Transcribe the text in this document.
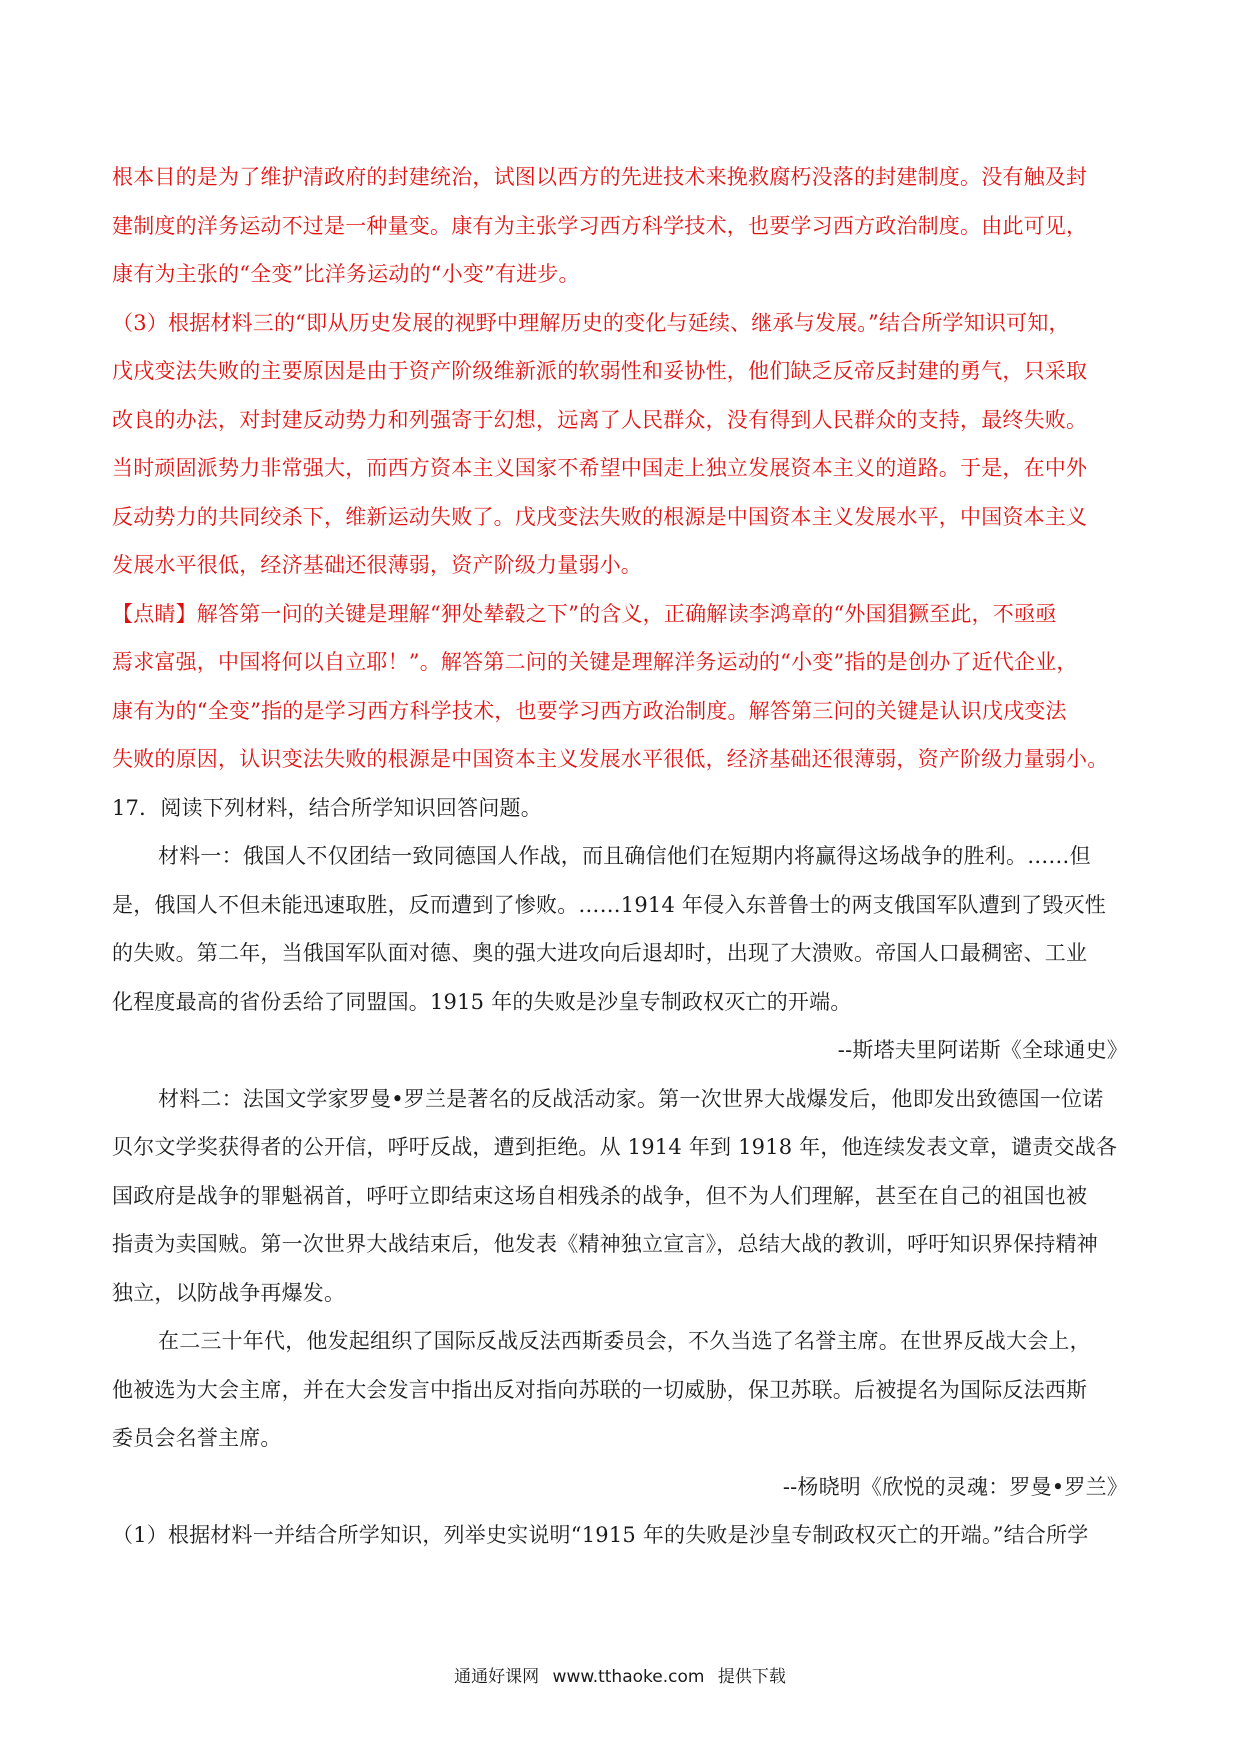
根本目的是为了维护清政府的封建统治，试图以西方的先进技术来挽救腐朽没落的封建制度。没有触及封
建制度的洋务运动不过是一种量变。康有为主张学习西方科学技术，也要学习西方政治制度。由此可见，
康有为主张的“全变”比洋务运动的“小变”有进步。
（3）根据材料三的“即从历史发展的视野中理解历史的变化与延续、继承与发展。”结合所学知识可知，
戊戌变法失败的主要原因是由于资产阶级维新派的软弱性和妥协性，他们缺乏反帝反封建的勇气，只采取
改良的办法，对封建反动势力和列强寄于幻想，远离了人民群众，没有得到人民群众的支持，最终失败。
当时顽固派势力非常强大，而西方资本主义国家不希望中国走上独立发展资本主义的道路。于是，在中外
反动势力的共同绞杀下，维新运动失败了。戊戌变法失败的根源是中国资本主义发展水平，中国资本主义
发展水平很低，经济基础还很薄弱，资产阶级力量弱小。
【点睛】解答第一问的关键是理解“狎处辇毂之下”的含义，正确解读李鸿章的“外国猖獗至此，不亟亟
焉求富强，中国将何以自立耶！”。解答第二问的关键是理解洋务运动的“小变”指的是创办了近代企业，
康有为的“全变”指的是学习西方科学技术，也要学习西方政治制度。解答第三问的关键是认识戊戌变法
失败的原因，认识变法失败的根源是中国资本主义发展水平很低，经济基础还很薄弱，资产阶级力量弱小。
17．阅读下列材料，结合所学知识回答问题。
材料一：俄国人不仅团结一致同德国人作战，而且确信他们在短期内将赢得这场战争的胜利。……但
是，俄国人不但未能迅速取胜，反而遭到了惨败。……1914 年侵入东普鲁士的两支俄国军队遭到了毁灭性
的失败。第二年，当俄国军队面对德、奥的强大进攻向后退却时，出现了大溃败。帝国人口最稠密、工业
化程度最高的省份丢给了同盟国。1915 年的失败是沙皇专制政权灭亡的开端。
--斯塔夫里阿诺斯《全球通史》
材料二：法国文学家罗曼•罗兰是著名的反战活动家。第一次世界大战爆发后，他即发出致德国一位诺
贝尔文学奖获得者的公开信，呼吁反战，遭到拒绝。从 1914 年到 1918 年，他连续发表文章，谴责交战各
国政府是战争的罪魁祸首，呼吁立即结束这场自相残杀的战争，但不为人们理解，甚至在自己的祖国也被
指责为卖国贼。第一次世界大战结束后，他发表《精神独立宣言》，总结大战的教训，呼吁知识界保持精神
独立，以防战争再爆发。
在二三十年代，他发起组织了国际反战反法西斯委员会，不久当选了名誉主席。在世界反战大会上，
他被选为大会主席，并在大会发言中指出反对指向苏联的一切威胁，保卫苏联。后被提名为国际反法西斯
委员会名誉主席。
--杨晓明《欣悦的灵魂：罗曼•罗兰》
（1）根据材料一并结合所学知识，列举史实说明“1915 年的失败是沙皇专制政权灭亡的开端。”结合所学
通通好课网 www.tthaoke.com 提供下载
